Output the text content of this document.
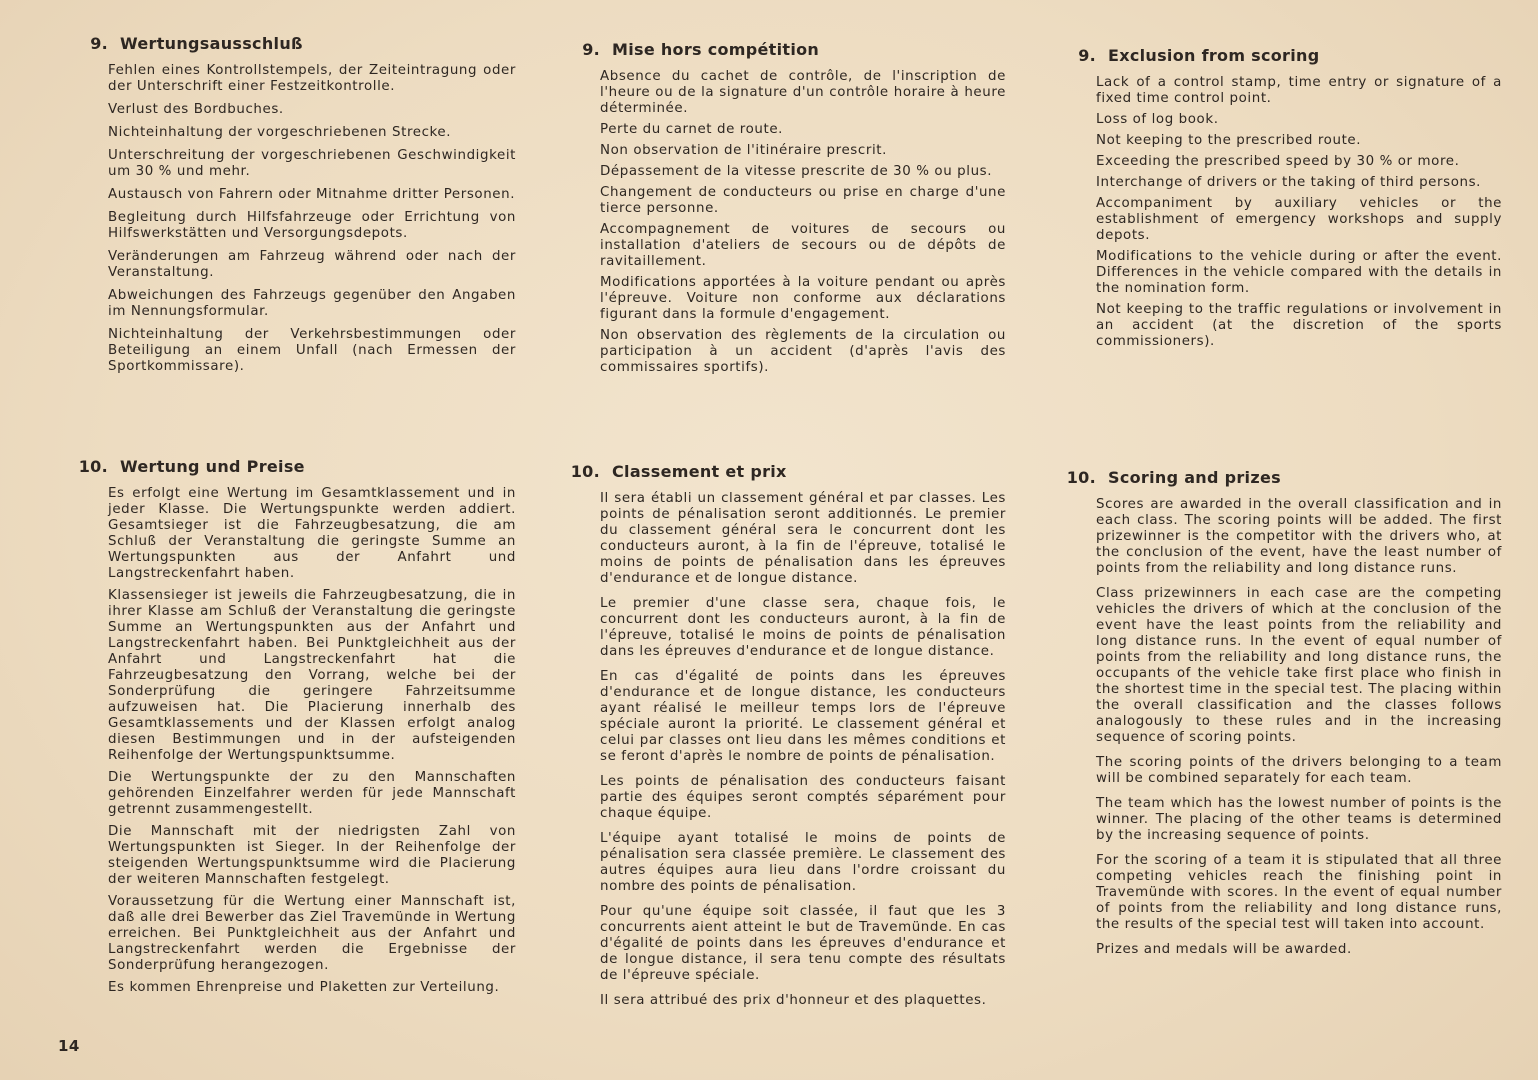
9. Wertungsausschluß

Fehlen eines Kontrollstempels, der Zeiteintragung oder der Unterschrift einer Festzeitkontrolle.

Verlust des Bordbuches.

Nichteinhaltung der vorgeschriebenen Strecke.

Unterschreitung der vorgeschriebenen Geschwindigkeit um 30 % und mehr.

Austausch von Fahrern oder Mitnahme dritter Personen.

Begleitung durch Hilfsfahrzeuge oder Errichtung von Hilfswerkstätten und Versorgungsdepots.

Veränderungen am Fahrzeug während oder nach der Veranstaltung.

Abweichungen des Fahrzeugs gegenüber den Angaben im Nennungsformular.

Nichteinhaltung der Verkehrsbestimmungen oder Beteiligung an einem Unfall (nach Ermessen der Sportkommissare).

10. Wertung und Preise

Es erfolgt eine Wertung im Gesamtklassement und in jeder Klasse. Die Wertungspunkte werden addiert. Gesamtsieger ist die Fahrzeugbesatzung, die am Schluß der Veranstaltung die geringste Summe an Wertungspunkten aus der Anfahrt und Langstreckenfahrt haben.

Klassensieger ist jeweils die Fahrzeugbesatzung, die in ihrer Klasse am Schluß der Veranstaltung die geringste Summe an Wertungspunkten aus der Anfahrt und Langstreckenfahrt haben. Bei Punktgleichheit aus der Anfahrt und Langstreckenfahrt hat die Fahrzeugbesatzung den Vorrang, welche bei der Sonderprüfung die geringere Fahrzeitsumme aufzuweisen hat. Die Placierung innerhalb des Gesamtklassements und der Klassen erfolgt analog diesen Bestimmungen und in der aufsteigenden Reihenfolge der Wertungspunktsumme.

Die Wertungspunkte der zu den Mannschaften gehörenden Einzelfahrer werden für jede Mannschaft getrennt zusammengestellt.

Die Mannschaft mit der niedrigsten Zahl von Wertungspunkten ist Sieger. In der Reihenfolge der steigenden Wertungspunktsumme wird die Placierung der weiteren Mannschaften festgelegt.

Voraussetzung für die Wertung einer Mannschaft ist, daß alle drei Bewerber das Ziel Travemünde in Wertung erreichen. Bei Punktgleichheit aus der Anfahrt und Langstreckenfahrt werden die Ergebnisse der Sonderprüfung herangezogen.

Es kommen Ehrenpreise und Plaketten zur Verteilung.

9. Mise hors compétition

Absence du cachet de contrôle, de l'inscription de l'heure ou de la signature d'un contrôle horaire à heure déterminée.

Perte du carnet de route.

Non observation de l'itinéraire prescrit.

Dépassement de la vitesse prescrite de 30 % ou plus.

Changement de conducteurs ou prise en charge d'une tierce personne.

Accompagnement de voitures de secours ou installation d'ateliers de secours ou de dépôts de ravitaillement.

Modifications apportées à la voiture pendant ou après l'épreuve. Voiture non conforme aux déclarations figurant dans la formule d'engagement.

Non observation des règlements de la circulation ou participation à un accident (d'après l'avis des commissaires sportifs).

10. Classement et prix

Il sera établi un classement général et par classes. Les points de pénalisation seront additionnés. Le premier du classement général sera le concurrent dont les conducteurs auront, à la fin de l'épreuve, totalisé le moins de points de pénalisation dans les épreuves d'endurance et de longue distance.

Le premier d'une classe sera, chaque fois, le concurrent dont les conducteurs auront, à la fin de l'épreuve, totalisé le moins de points de pénalisation dans les épreuves d'endurance et de longue distance.

En cas d'égalité de points dans les épreuves d'endurance et de longue distance, les conducteurs ayant réalisé le meilleur temps lors de l'épreuve spéciale auront la priorité. Le classement général et celui par classes ont lieu dans les mêmes conditions et se feront d'après le nombre de points de pénalisation.

Les points de pénalisation des conducteurs faisant partie des équipes seront comptés séparément pour chaque équipe.

L'équipe ayant totalisé le moins de points de pénalisation sera classée première. Le classement des autres équipes aura lieu dans l'ordre croissant du nombre des points de pénalisation.

Pour qu'une équipe soit classée, il faut que les 3 concurrents aient atteint le but de Travemünde. En cas d'égalité de points dans les épreuves d'endurance et de longue distance, il sera tenu compte des résultats de l'épreuve spéciale.

Il sera attribué des prix d'honneur et des plaquettes.

9. Exclusion from scoring

Lack of a control stamp, time entry or signature of a fixed time control point.

Loss of log book.

Not keeping to the prescribed route.

Exceeding the prescribed speed by 30 % or more.

Interchange of drivers or the taking of third persons.

Accompaniment by auxiliary vehicles or the establishment of emergency workshops and supply depots.

Modifications to the vehicle during or after the event. Differences in the vehicle compared with the details in the nomination form.

Not keeping to the traffic regulations or involvement in an accident (at the discretion of the sports commissioners).

10. Scoring and prizes

Scores are awarded in the overall classification and in each class. The scoring points will be added. The first prizewinner is the competitor with the drivers who, at the conclusion of the event, have the least number of points from the reliability and long distance runs.

Class prizewinners in each case are the competing vehicles the drivers of which at the conclusion of the event have the least points from the reliability and long distance runs. In the event of equal number of points from the reliability and long distance runs, the occupants of the vehicle take first place who finish in the shortest time in the special test. The placing within the overall classification and the classes follows analogously to these rules and in the increasing sequence of scoring points.

The scoring points of the drivers belonging to a team will be combined separately for each team.

The team which has the lowest number of points is the winner. The placing of the other teams is determined by the increasing sequence of points.

For the scoring of a team it is stipulated that all three competing vehicles reach the finishing point in Travemünde with scores. In the event of equal number of points from the reliability and long distance runs, the results of the special test will taken into account.

Prizes and medals will be awarded.

14
